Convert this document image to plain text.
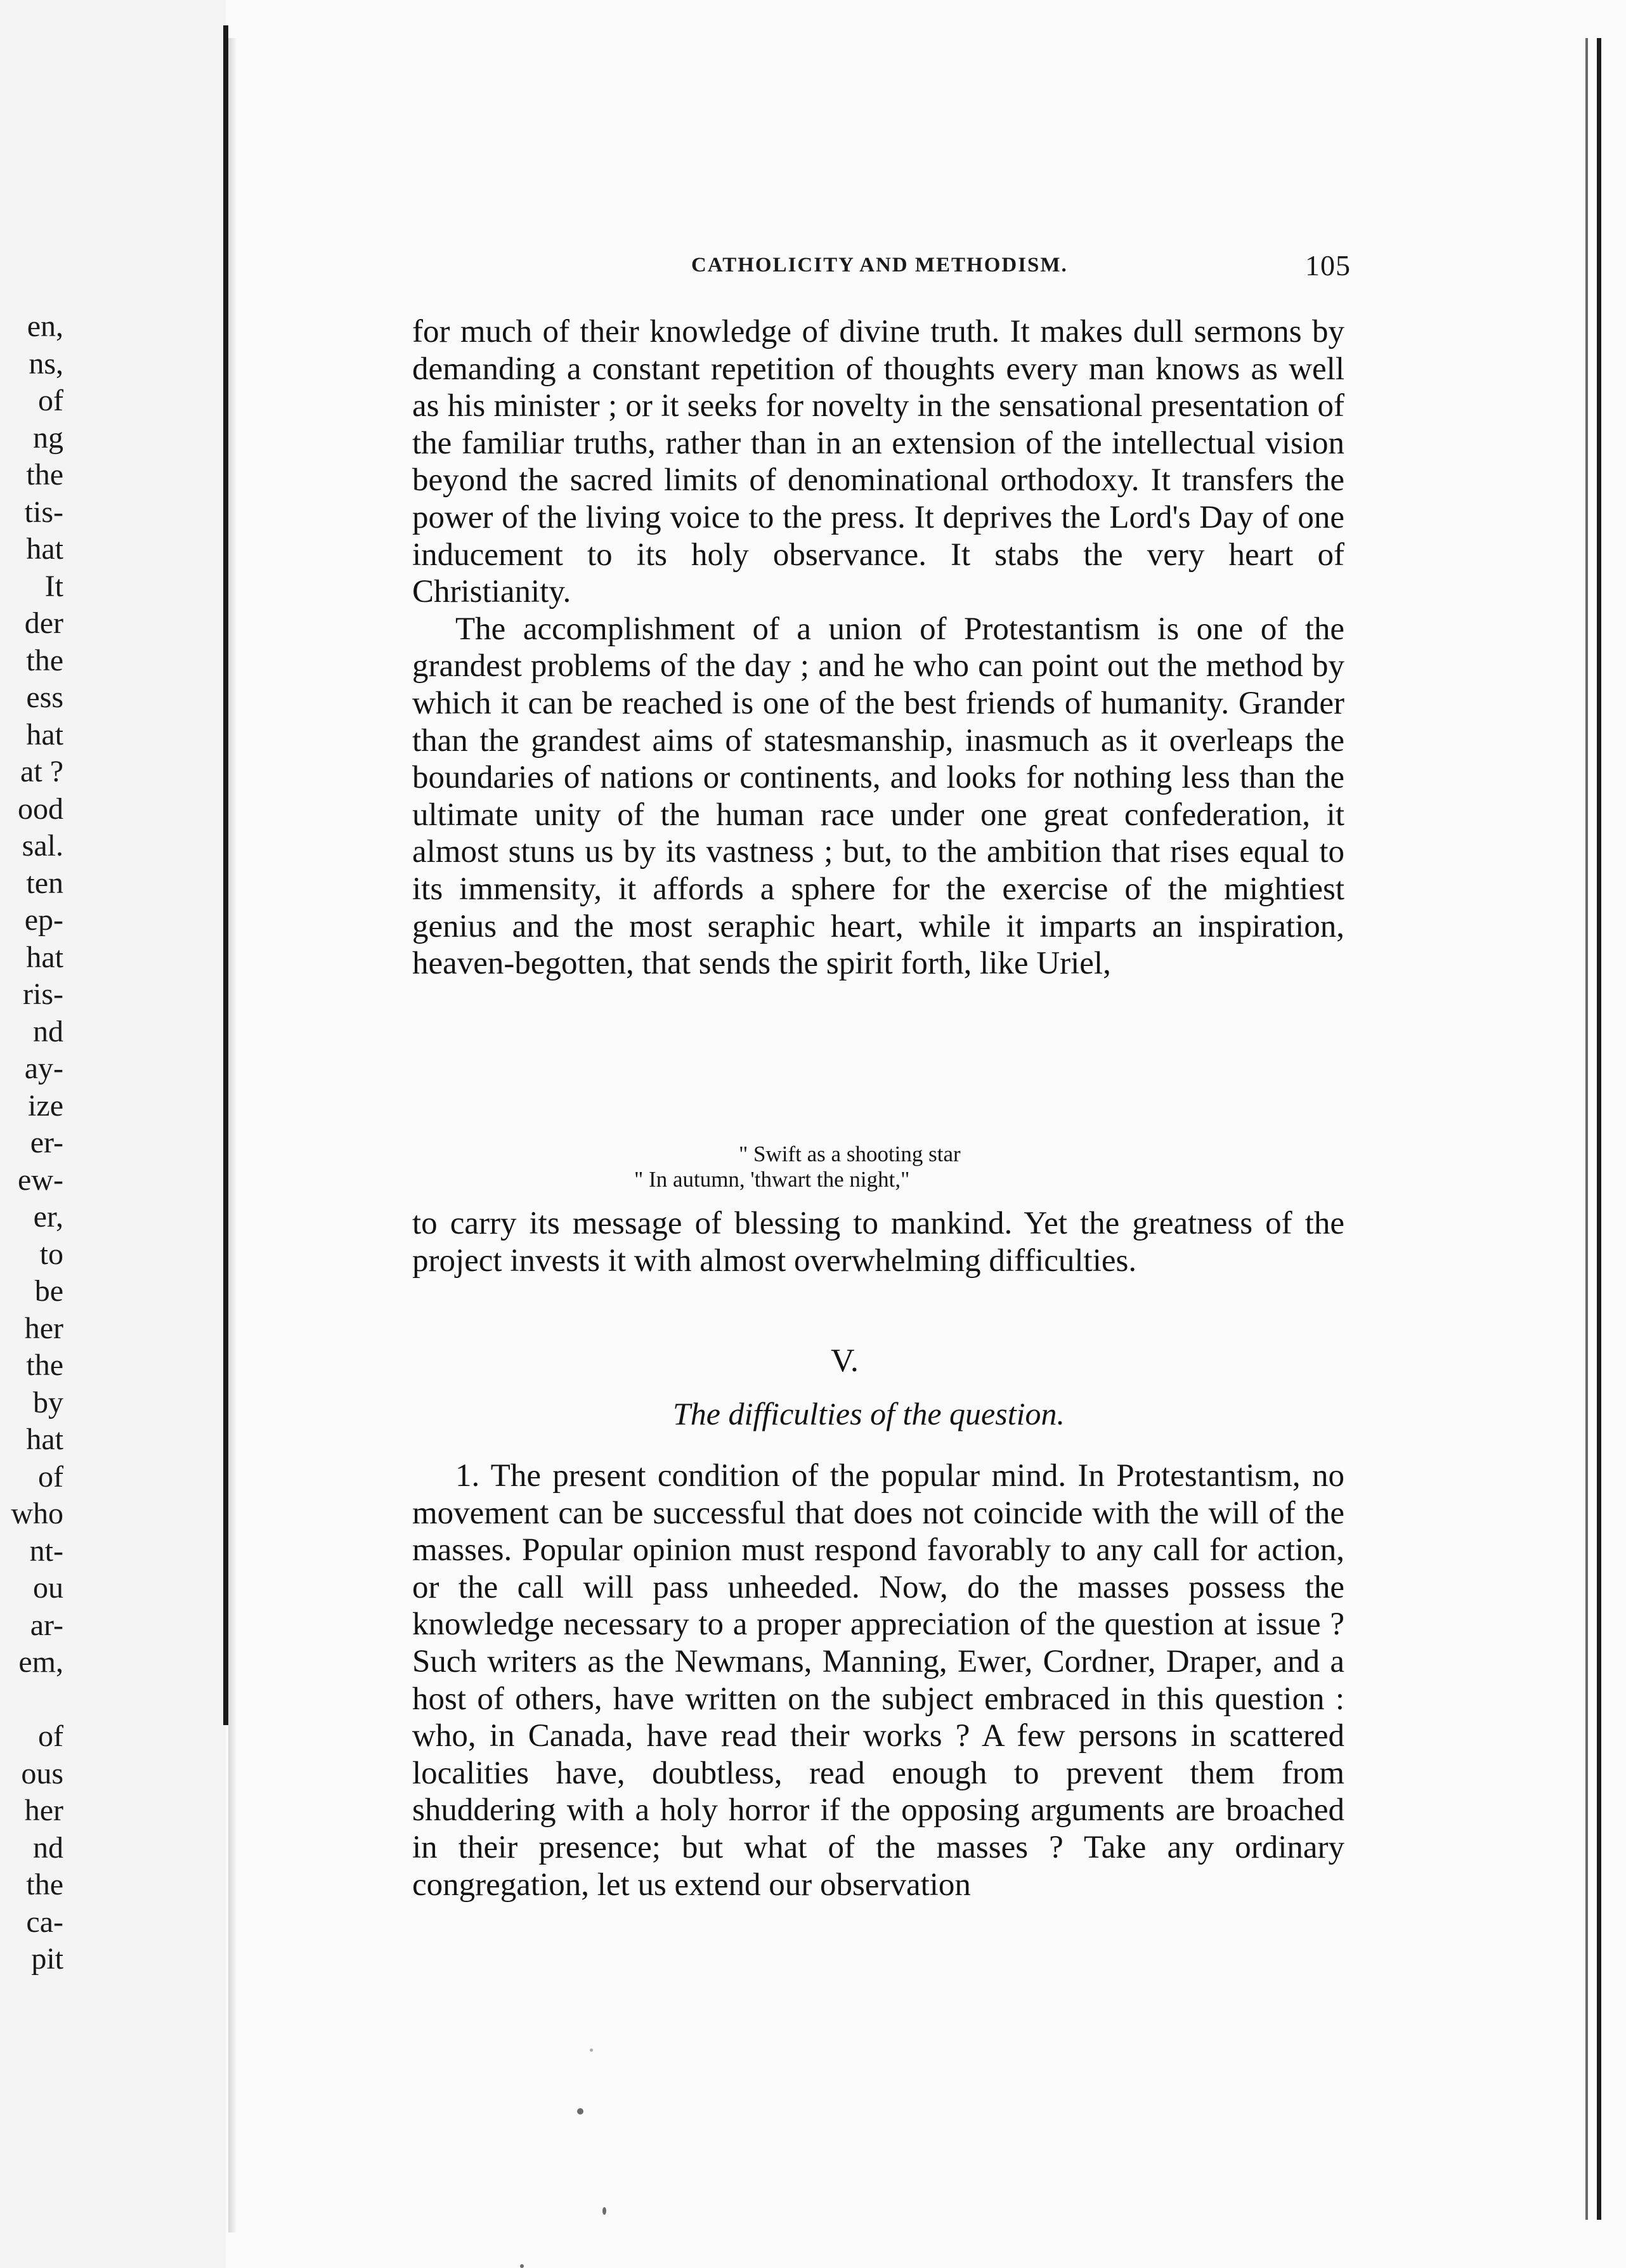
en,
ns,
of
ng
the
tis-
hat
It
der
the
ess
hat
at ?
ood
sal.
ten
ep-
hat
ris-
nd
ay-
ize
er-
ew-
er,
to
be
her
the
by
hat
of
who
nt-
ou
ar-
em,
of
ous
her
nd
the
ca-
pit
CATHOLICITY AND METHODISM.	105

for much of their knowledge of divine truth. It makes dull sermons by demanding a constant repetition of thoughts every man knows as well as his minister ; or it seeks for novelty in the sensational presentation of the familiar truths, rather than in an extension of the intellectual vision beyond the sacred limits of denominational orthodoxy. It transfers the power of the living voice to the press. It deprives the Lord's Day of one inducement to its holy observance. It stabs the very heart of Christianity.

The accomplishment of a union of Protestantism is one of the grandest problems of the day ; and he who can point out the method by which it can be reached is one of the best friends of humanity. Grander than the grandest aims of statesmanship, inasmuch as it overleaps the boundaries of nations or continents, and looks for nothing less than the ultimate unity of the human race under one great confederation, it almost stuns us by its vastness ; but, to the ambition that rises equal to its immensity, it affords a sphere for the exercise of the mightiest genius and the most seraphic heart, while it imparts an inspiration, heaven-begotten, that sends the spirit forth, like Uriel,

" Swift as a shooting star
" In autumn, 'thwart the night,"

to carry its message of blessing to mankind. Yet the greatness of the project invests it with almost overwhelming difficulties.

V.
The difficulties of the question.

1. The present condition of the popular mind. In Protestantism, no movement can be successful that does not coincide with the will of the masses. Popular opinion must respond favorably to any call for action, or the call will pass unheeded. Now, do the masses possess the knowledge necessary to a proper appreciation of the question at issue ? Such writers as the Newmans, Manning, Ewer, Cordner, Draper, and a host of others, have written on the subject embraced in this question : who, in Canada, have read their works ? A few persons in scattered localities have, doubtless, read enough to prevent them from shuddering with a holy horror if the opposing arguments are broached in their presence; but what of the masses ? Take any ordinary congregation, let us extend our observation
